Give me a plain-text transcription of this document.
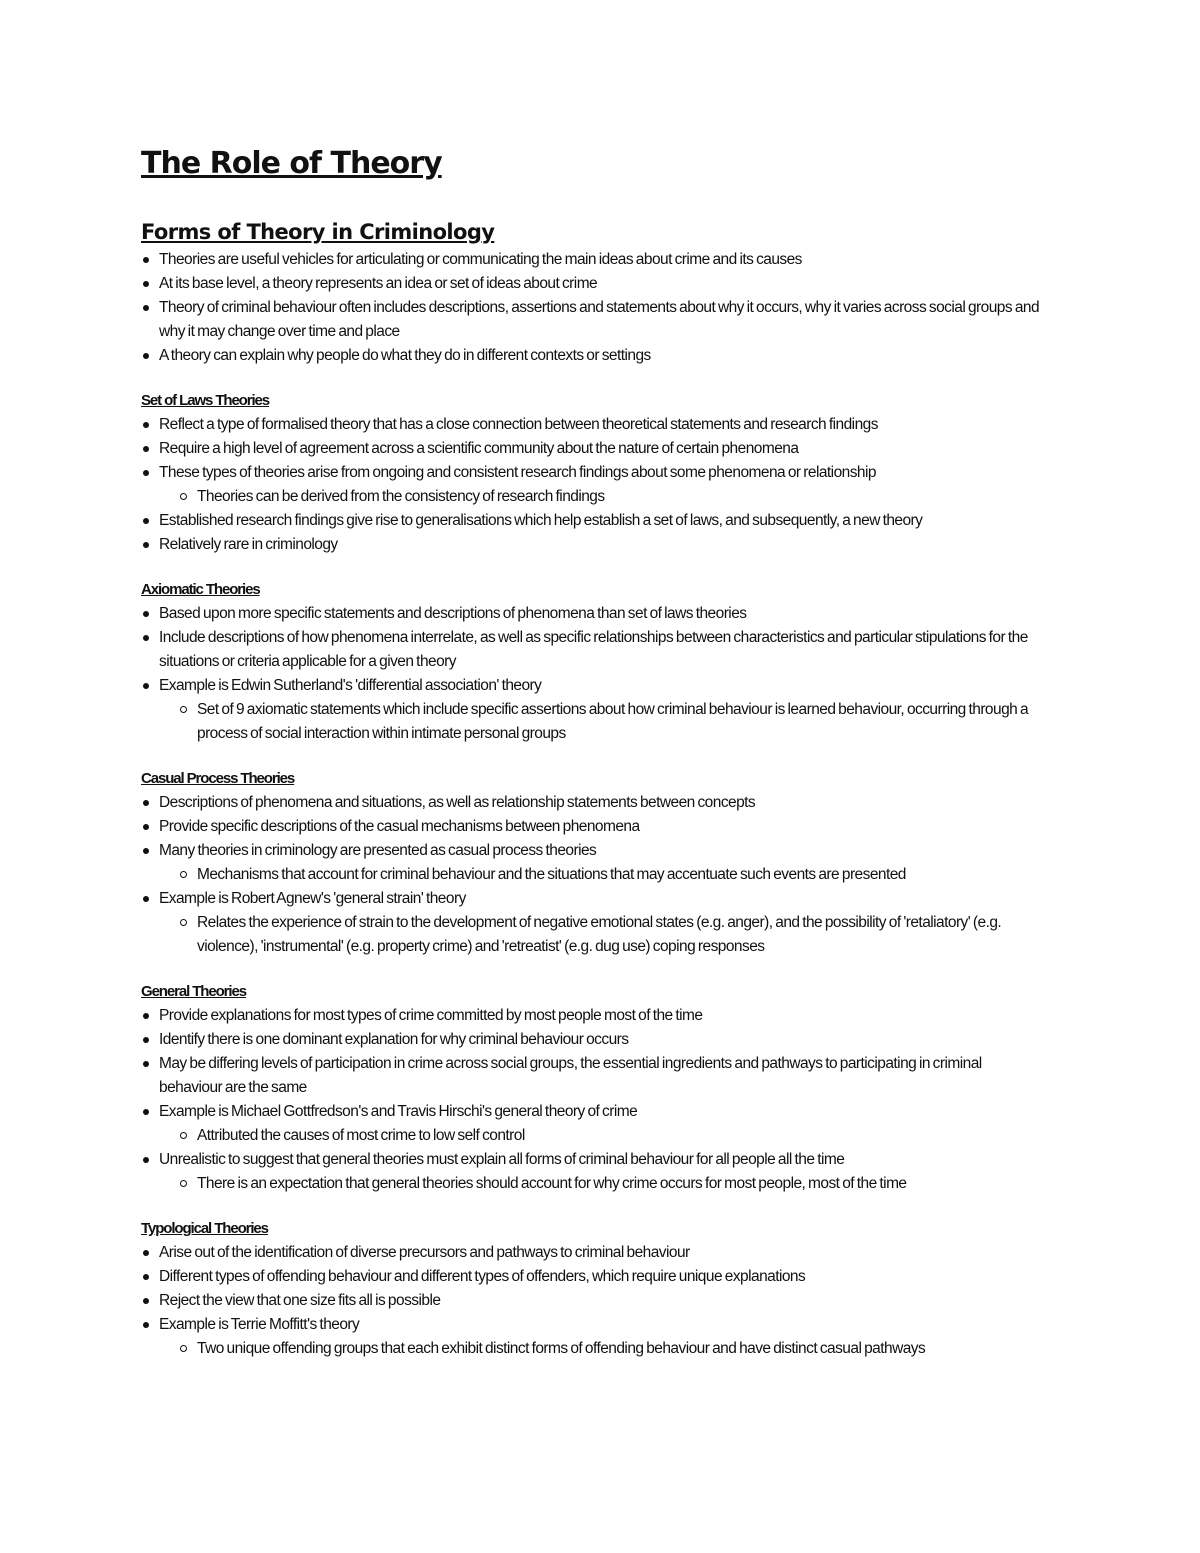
The Role of Theory
Forms of Theory in Criminology
Theories are useful vehicles for articulating or communicating the main ideas about crime and its causes
At its base level, a theory represents an idea or set of ideas about crime
Theory of criminal behaviour often includes descriptions, assertions and statements about why it occurs, why it varies across social groups and why it may change over time and place
A theory can explain why people do what they do in different contexts or settings
Set of Laws Theories
Reflect a type of formalised theory that has a close connection between theoretical statements and research findings
Require a high level of agreement across a scientific community about the nature of certain phenomena
These types of theories arise from ongoing and consistent research findings about some phenomena or relationship
Theories can be derived from the consistency of research findings
Established research findings give rise to generalisations which help establish a set of laws, and subsequently, a new theory
Relatively rare in criminology
Axiomatic Theories
Based upon more specific statements and descriptions of phenomena than set of laws theories
Include descriptions of how phenomena interrelate, as well as specific relationships between characteristics and particular stipulations for the situations or criteria applicable for a given theory
Example is Edwin Sutherland's 'differential association' theory
Set of 9 axiomatic statements which include specific assertions about how criminal behaviour is learned behaviour, occurring through a process of social interaction within intimate personal groups
Casual Process Theories
Descriptions of phenomena and situations, as well as relationship statements between concepts
Provide specific descriptions of the casual mechanisms between phenomena
Many theories in criminology are presented as casual process theories
Mechanisms that account for criminal behaviour and the situations that may accentuate such events are presented
Example is Robert Agnew's 'general strain' theory
Relates the experience of strain to the development of negative emotional states (e.g. anger), and the possibility of 'retaliatory' (e.g. violence), 'instrumental' (e.g. property crime) and 'retreatist' (e.g. dug use) coping responses
General Theories
Provide explanations for most types of crime committed by most people most of the time
Identify there is one dominant explanation for why criminal behaviour occurs
May be differing levels of participation in crime across social groups, the essential ingredients and pathways to participating in criminal behaviour are the same
Example is Michael Gottfredson's and Travis Hirschi's general theory of crime
Attributed the causes of most crime to low self control
Unrealistic to suggest that general theories must explain all forms of criminal behaviour for all people all the time
There is an expectation that general theories should account for why crime occurs for most people, most of the time
Typological Theories
Arise out of the identification of diverse precursors and pathways to criminal behaviour
Different types of offending behaviour and different types of offenders, which require unique explanations
Reject the view that one size fits all is possible
Example is Terrie Moffitt's theory
Two unique offending groups that each exhibit distinct forms of offending behaviour and have distinct casual pathways
